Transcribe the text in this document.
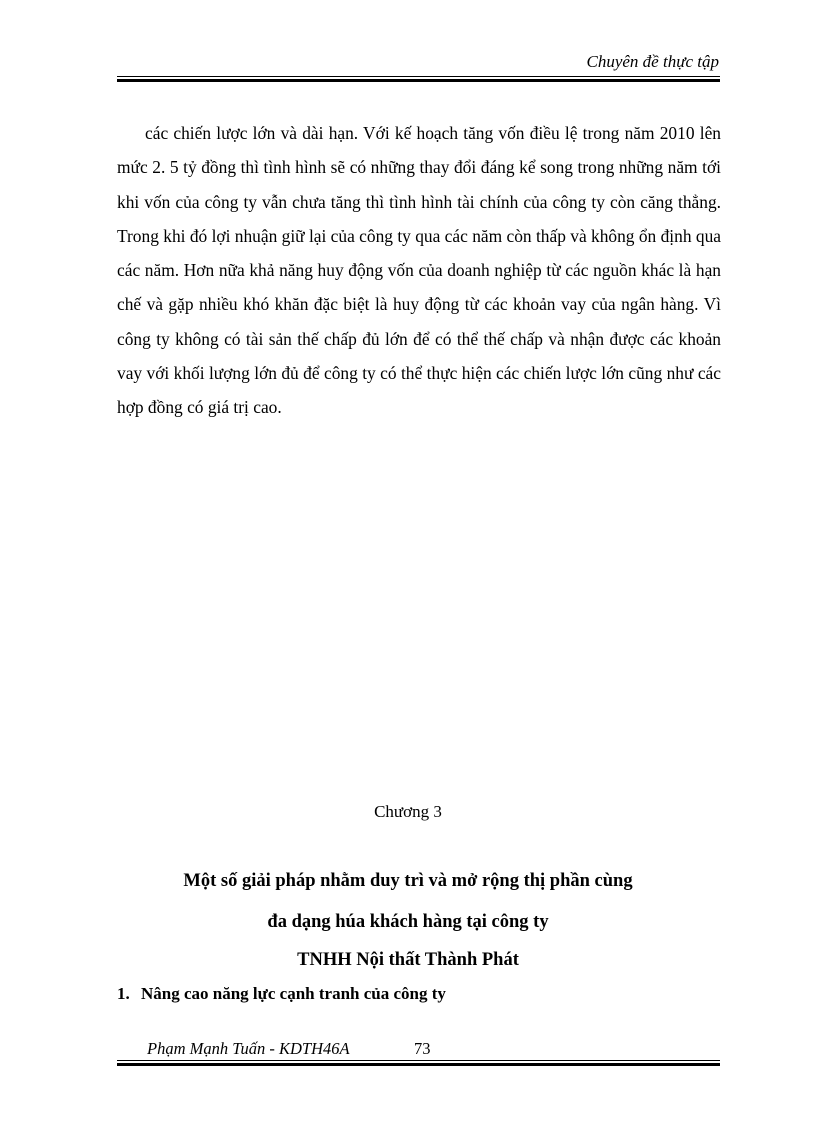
Chuyên đề thực tập

các chiến lược lớn và dài hạn. Với kế hoạch tăng vốn điều lệ trong năm 2010 lên mức 2. 5 tỷ đồng thì tình hình sẽ có những thay đổi đáng kể song trong những năm tới khi vốn của công ty vẫn chưa tăng thì tình hình tài chính của công ty còn căng thẳng. Trong khi đó lợi nhuận giữ lại của công ty qua các năm còn thấp và không ổn định qua các năm. Hơn nữa khả năng huy động vốn của doanh nghiệp từ các nguồn khác là hạn chế và gặp nhiều khó khăn đặc biệt là huy động từ các khoản vay của ngân hàng. Vì công ty không có tài sản thế chấp đủ lớn để có thể thế chấp và nhận được các khoản vay với khối lượng lớn đủ để công ty có thể thực hiện các chiến lược lớn cũng như các hợp đồng có giá trị cao.

Chương 3
Một số giải pháp nhằm duy trì và mở rộng thị phần cùng
đa dạng húa khách hàng tại công ty
TNHH Nội thất Thành Phát
1. Nâng cao năng lực cạnh tranh của công ty
Phạm Mạnh Tuấn - KDTH46A	73
